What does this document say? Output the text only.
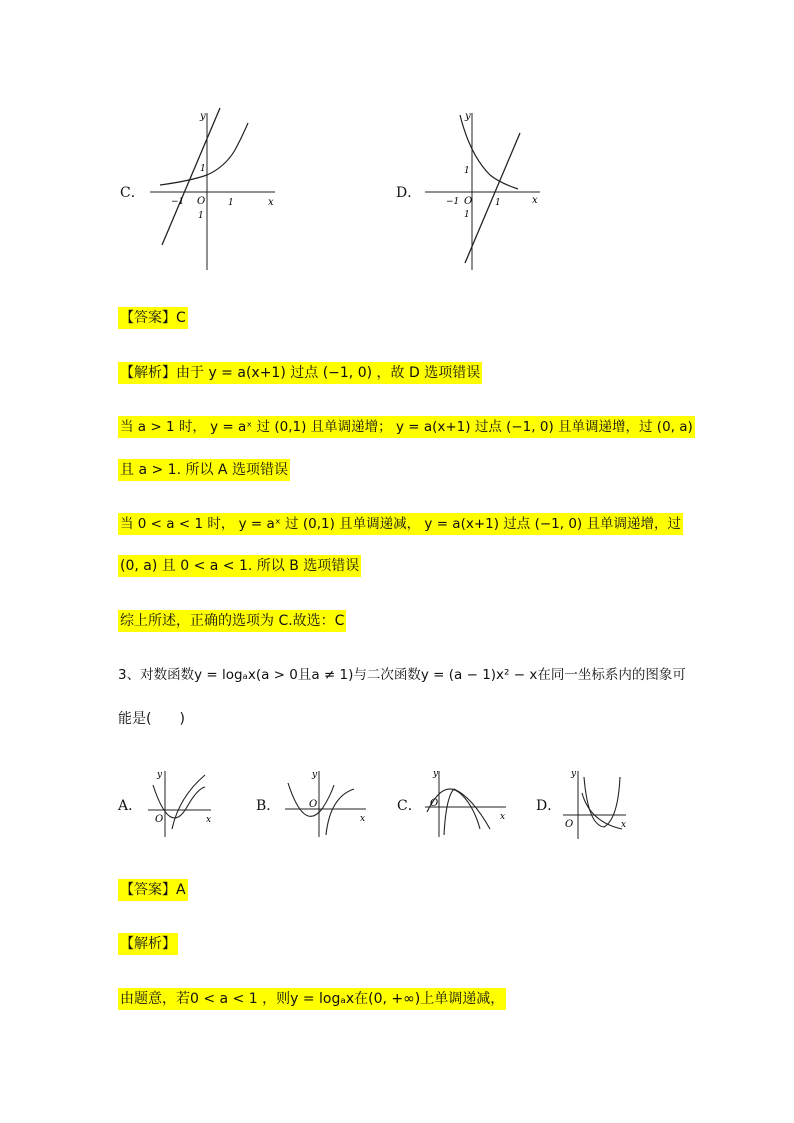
C．
y
x
O
−1	1
1
1
D．
y
x
O
−1	1
1
1
【答案】C
【解析】由于 y = a(x+1) 过点 (−1, 0) ，故 D 选项错误
当 a > 1 时， y = aˣ 过 (0,1) 且单调递增； y = a(x+1) 过点 (−1, 0) 且单调递增，过 (0, a)
且 a > 1. 所以 A 选项错误
当 0 < a < 1 时， y = aˣ 过 (0,1) 且单调递减， y = a(x+1) 过点 (−1, 0) 且单调递增，过
(0, a) 且 0 < a < 1. 所以 B 选项错误
综上所述，正确的选项为 C.故选：C
3、对数函数y = logₐx(a > 0且a ≠ 1)与二次函数y = (a − 1)x² − x在同一坐标系内的图象可
能是(　　)
A．
y
x
O
B．
y
x
O	C．
y
x
O	D．
y
x
O
【答案】A
【解析】
由题意，若0 < a < 1 ，则y = logₐx在(0, +∞)上单调递减，
